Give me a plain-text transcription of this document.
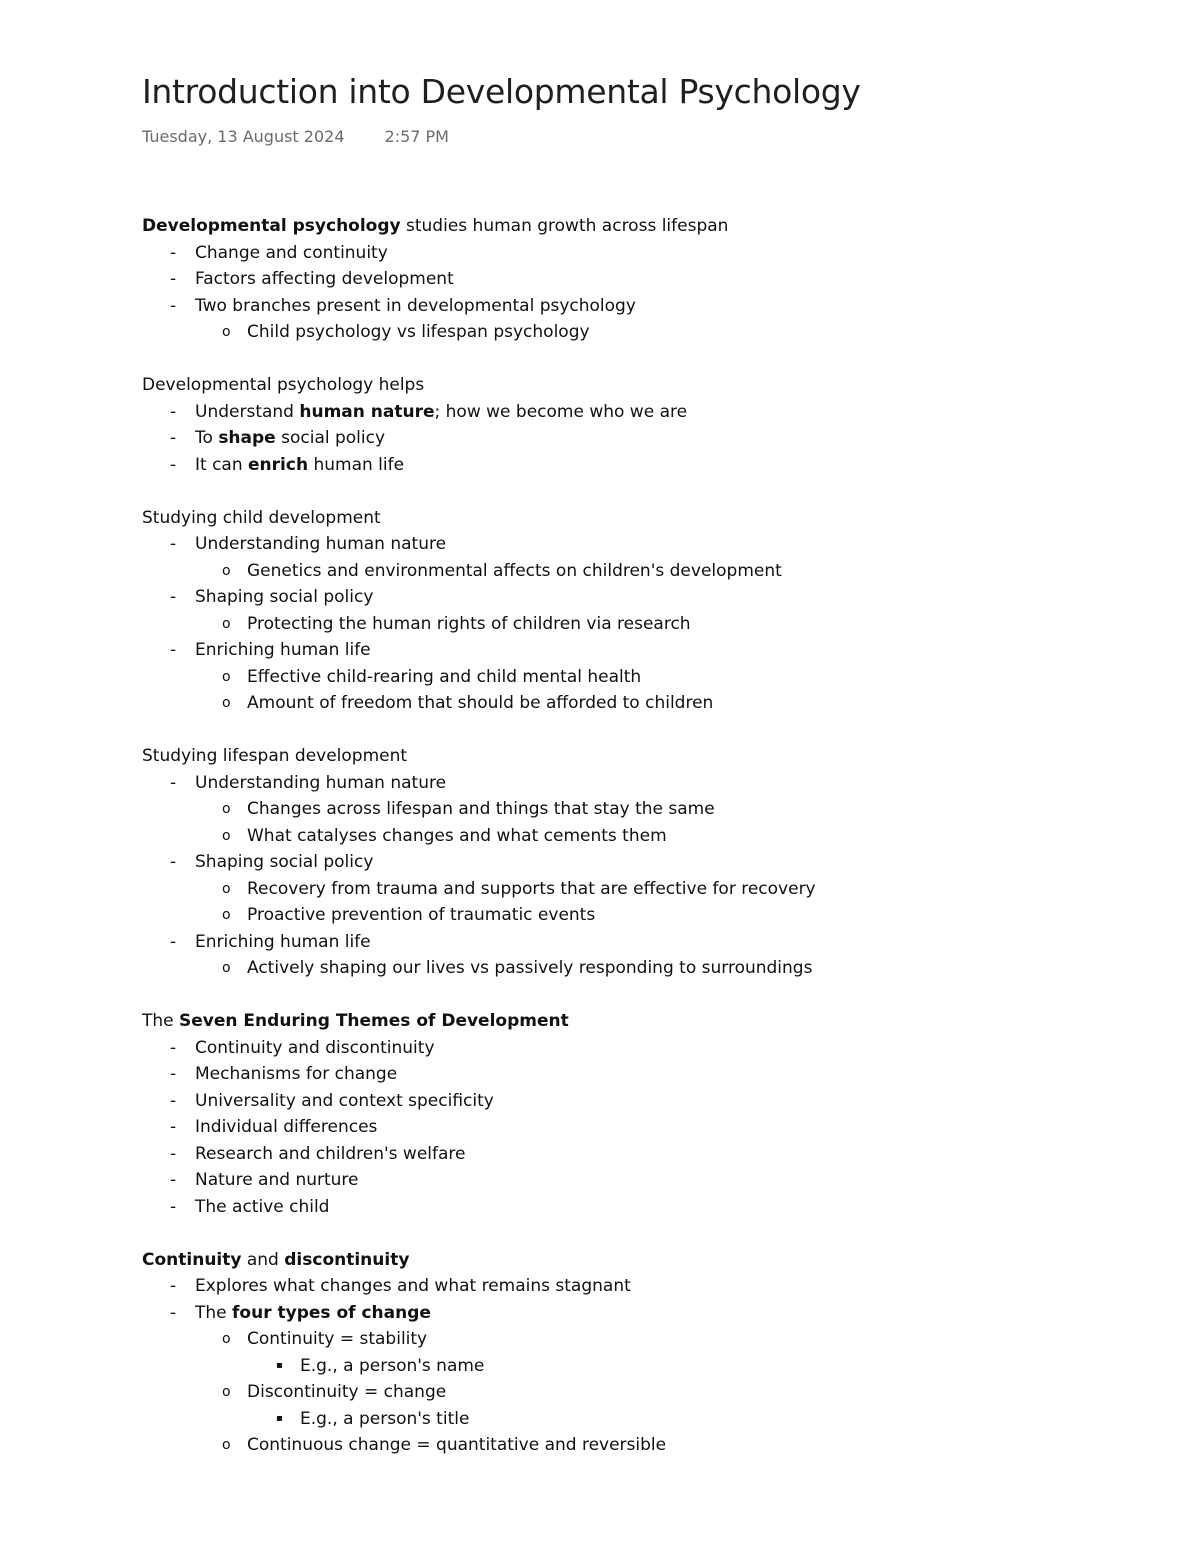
Introduction into Developmental Psychology
Tuesday, 13 August 2024	2:57 PM
Developmental psychology studies human growth across lifespan
- Change and continuity
- Factors affecting development
- Two branches present in developmental psychology
o Child psychology vs lifespan psychology
Developmental psychology helps
- Understand human nature; how we become who we are
- To shape social policy
- It can enrich human life
Studying child development
- Understanding human nature
o Genetics and environmental affects on children's development
- Shaping social policy
o Protecting the human rights of children via research
- Enriching human life
o Effective child-rearing and child mental health
o Amount of freedom that should be afforded to children
Studying lifespan development
- Understanding human nature
o Changes across lifespan and things that stay the same
o What catalyses changes and what cements them
- Shaping social policy
o Recovery from trauma and supports that are effective for recovery
o Proactive prevention of traumatic events
- Enriching human life
o Actively shaping our lives vs passively responding to surroundings
The Seven Enduring Themes of Development
- Continuity and discontinuity
- Mechanisms for change
- Universality and context specificity
- Individual differences
- Research and children's welfare
- Nature and nurture
- The active child
Continuity and discontinuity
- Explores what changes and what remains stagnant
- The four types of change
o Continuity = stability
▪ E.g., a person's name
o Discontinuity = change
▪ E.g., a person's title
o Continuous change = quantitative and reversible
